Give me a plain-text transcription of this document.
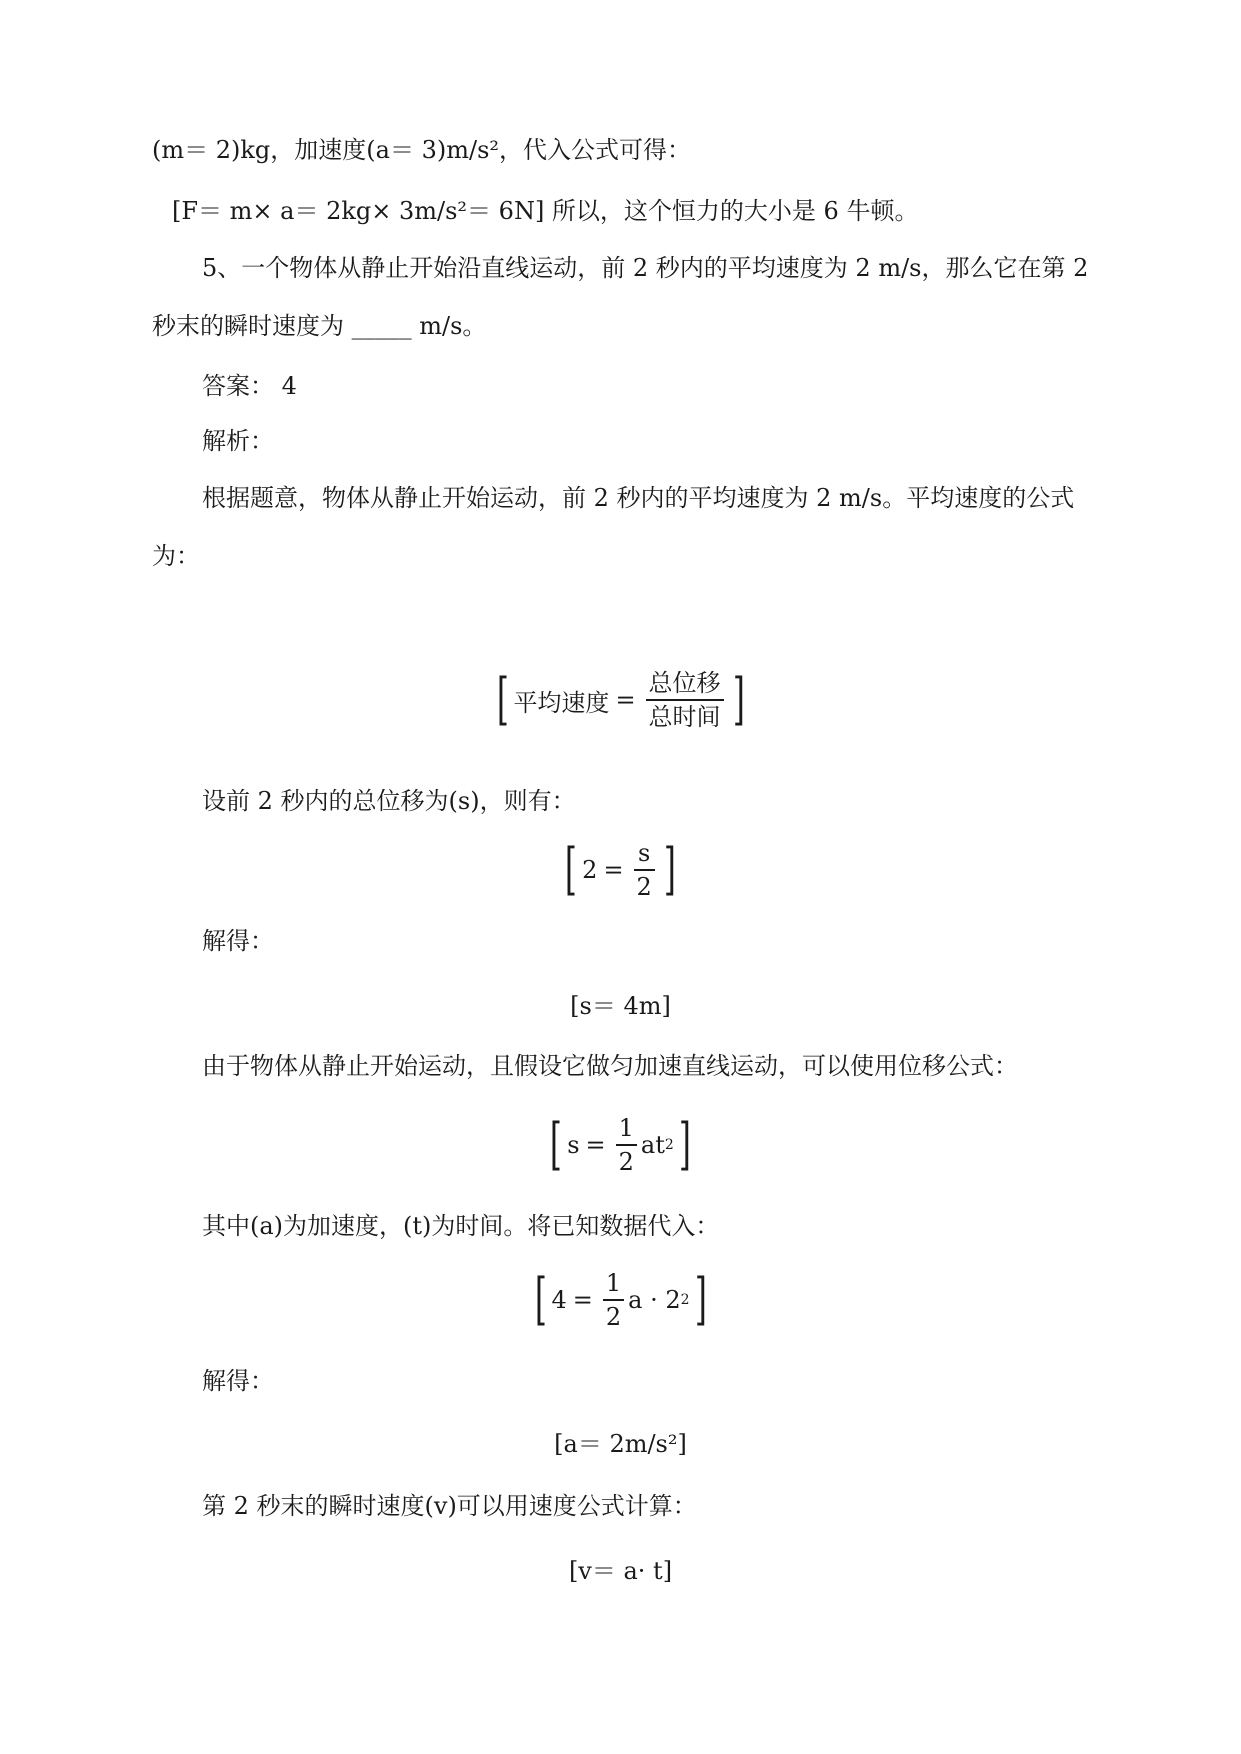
(m＝ 2)kg，加速度(a＝ 3)m/s²，代入公式可得：
[F＝ m× a＝ 2kg× 3m/s²＝ 6N] 所以，这个恒力的大小是 6 牛顿。
5、一个物体从静止开始沿直线运动，前 2 秒内的平均速度为 2 m/s，那么它在第 2
秒末的瞬时速度为 _____ m/s。
答案： 4
解析：
根据题意，物体从静止开始运动，前 2 秒内的平均速度为 2 m/s。平均速度的公式
为：
[ 平均速度 = $\frac{\text{总位移}}{\text{总时间}}$ ]
设前 2 秒内的总位移为(s)，则有：
[ $2 = \frac{s}{2}$ ]
解得：
[s＝ 4m]
由于物体从静止开始运动，且假设它做匀加速直线运动，可以使用位移公式：
[ $s = \frac{1}{2}$ at 2 ]
其中(a)为加速度，(t)为时间。将已知数据代入：
[ $4 = \frac{1}{2}$ a · 2 2 ]
解得：
[a＝ 2m/s²]
第 2 秒末的瞬时速度(v)可以用速度公式计算：
[v＝ a· t]
